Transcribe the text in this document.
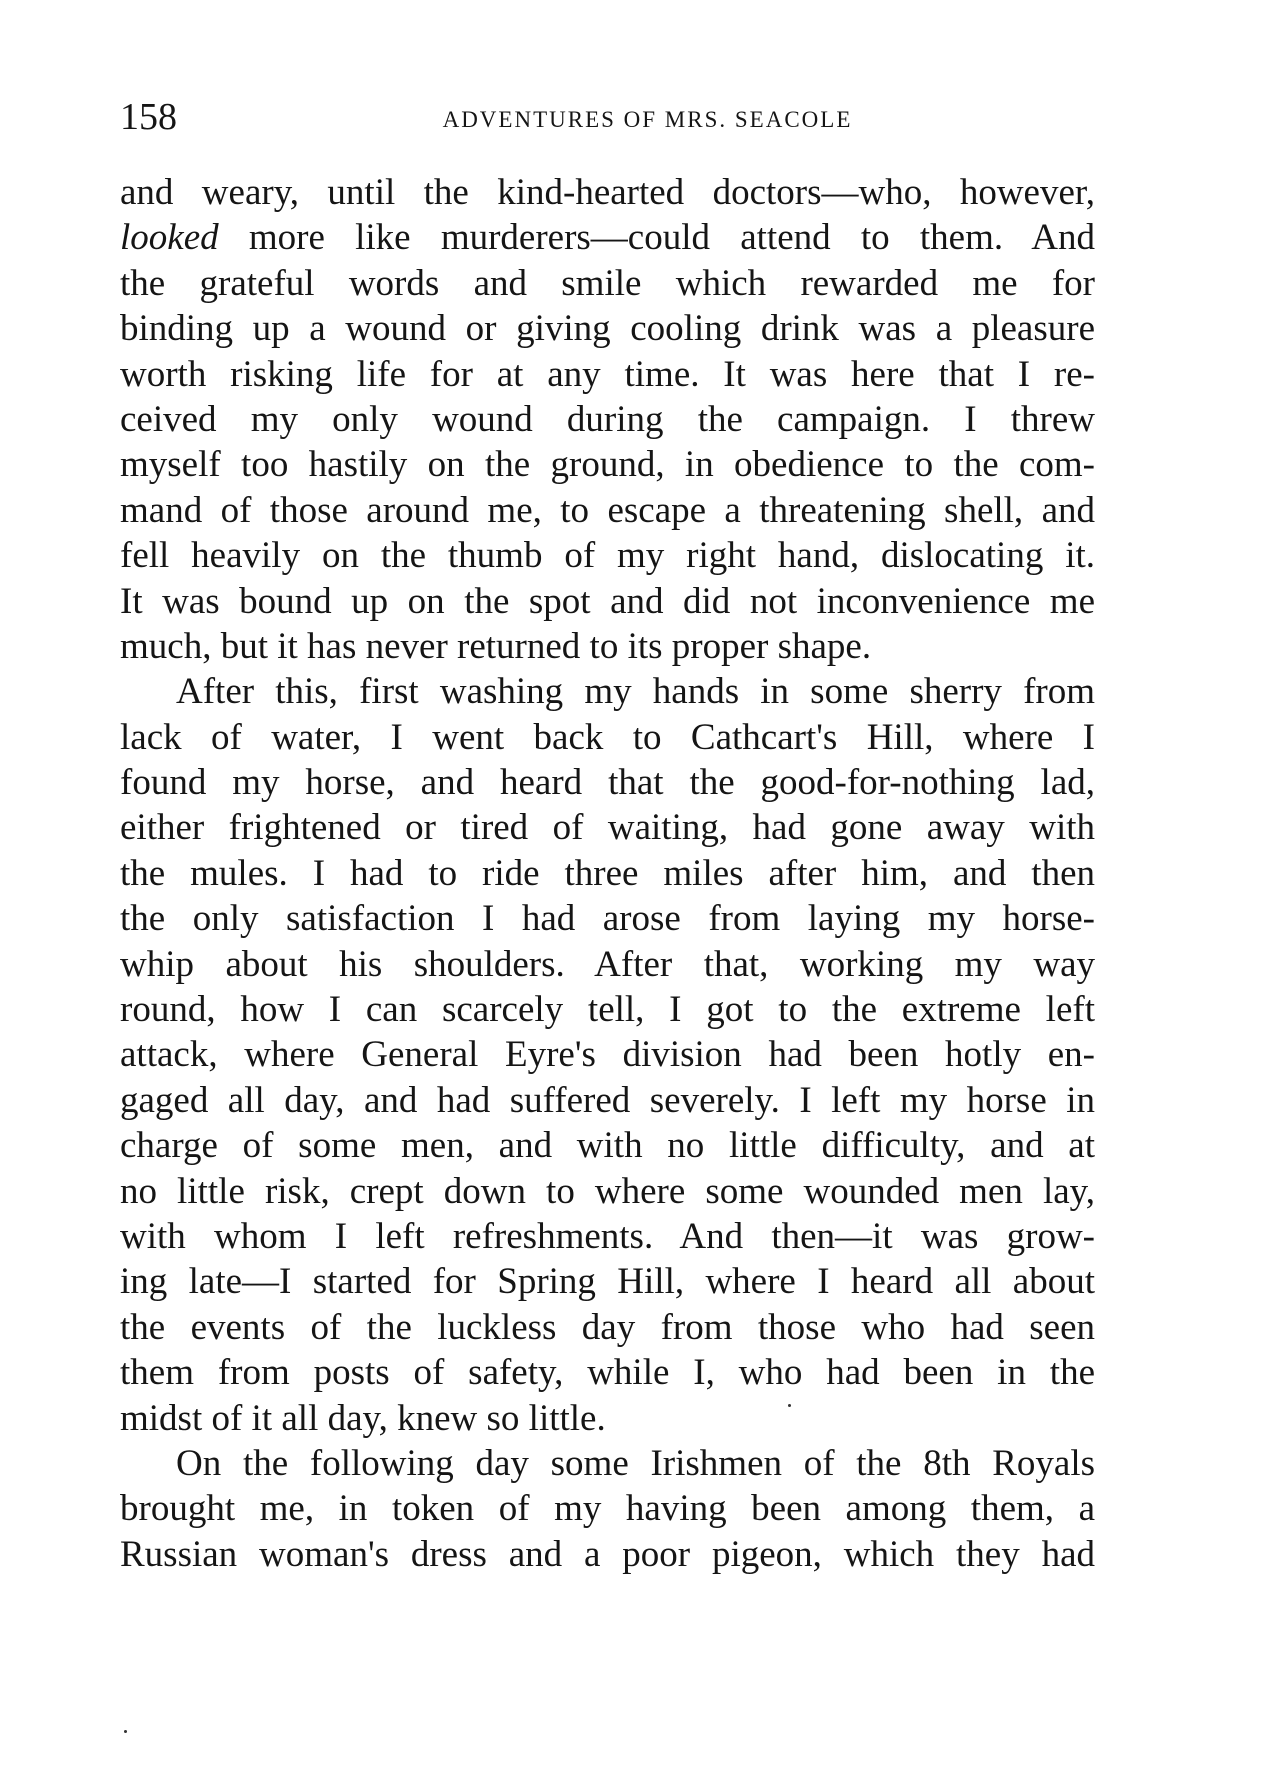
158	ADVENTURES OF MRS. SEACOLE
and weary, until the kind-hearted doctors—who, however,
looked more like murderers—could attend to them. And
the grateful words and smile which rewarded me for
binding up a wound or giving cooling drink was a pleasure
worth risking life for at any time. It was here that I re-
ceived my only wound during the campaign. I threw
myself too hastily on the ground, in obedience to the com-
mand of those around me, to escape a threatening shell, and
fell heavily on the thumb of my right hand, dislocating it.
It was bound up on the spot and did not inconvenience me
much, but it has never returned to its proper shape.
After this, first washing my hands in some sherry from
lack of water, I went back to Cathcart's Hill, where I
found my horse, and heard that the good-for-nothing lad,
either frightened or tired of waiting, had gone away with
the mules. I had to ride three miles after him, and then
the only satisfaction I had arose from laying my horse-
whip about his shoulders. After that, working my way
round, how I can scarcely tell, I got to the extreme left
attack, where General Eyre's division had been hotly en-
gaged all day, and had suffered severely. I left my horse in
charge of some men, and with no little difficulty, and at
no little risk, crept down to where some wounded men lay,
with whom I left refreshments. And then—it was grow-
ing late—I started for Spring Hill, where I heard all about
the events of the luckless day from those who had seen
them from posts of safety, while I, who had been in the
midst of it all day, knew so little.
On the following day some Irishmen of the 8th Royals
brought me, in token of my having been among them, a
Russian woman's dress and a poor pigeon, which they had
